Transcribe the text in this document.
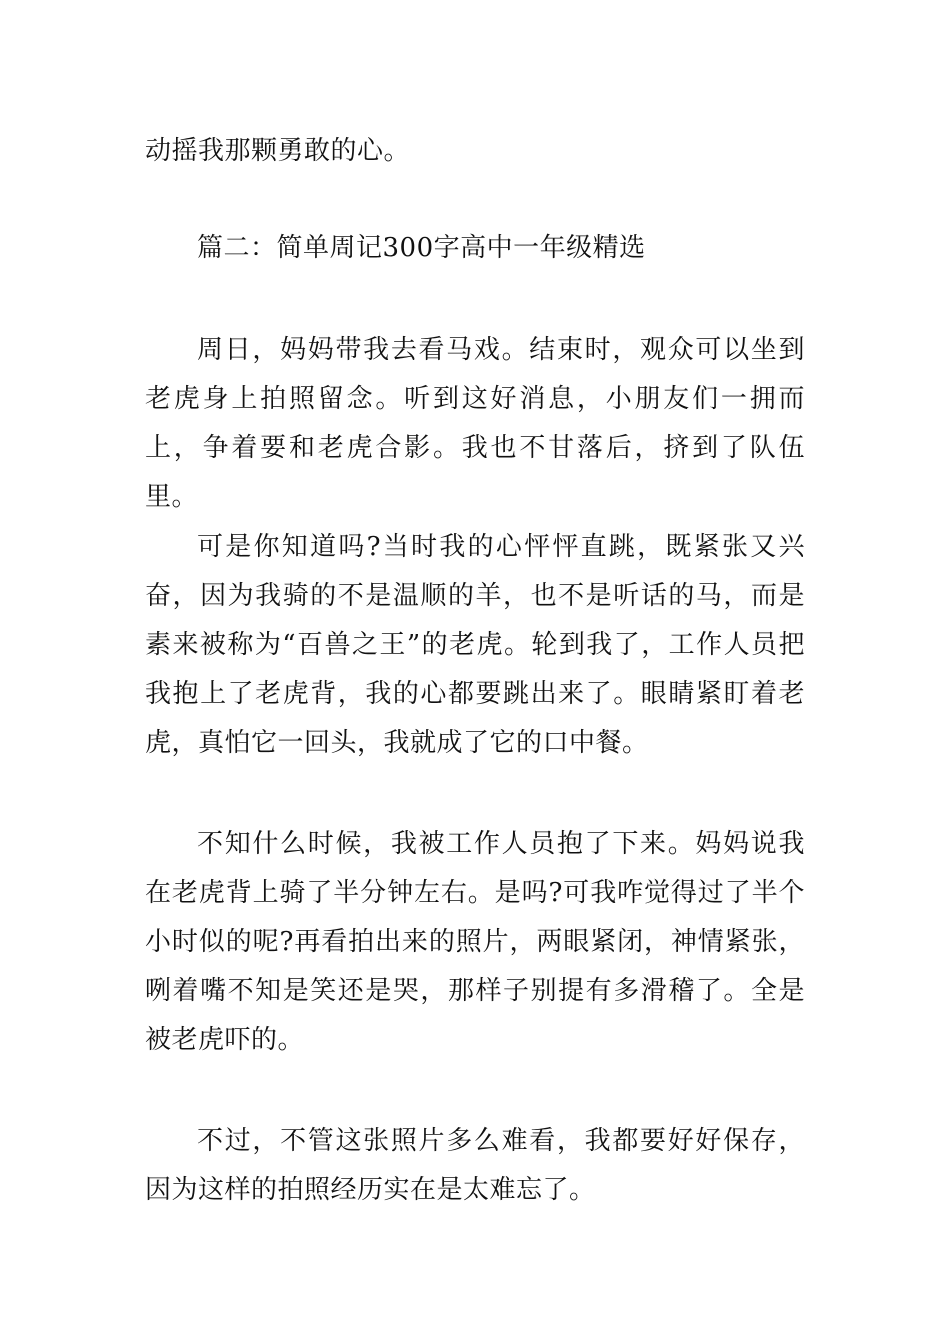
动摇我那颗勇敢的心。

篇二：简单周记300字高中一年级精选

周日，妈妈带我去看马戏。结束时，观众可以坐到老虎身上拍照留念。听到这好消息，小朋友们一拥而上，争着要和老虎合影。我也不甘落后，挤到了队伍里。

可是你知道吗?当时我的心怦怦直跳，既紧张又兴奋，因为我骑的不是温顺的羊，也不是听话的马，而是素来被称为“百兽之王”的老虎。轮到我了，工作人员把我抱上了老虎背，我的心都要跳出来了。眼睛紧盯着老虎，真怕它一回头，我就成了它的口中餐。

不知什么时候，我被工作人员抱了下来。妈妈说我在老虎背上骑了半分钟左右。是吗?可我咋觉得过了半个小时似的呢?再看拍出来的照片，两眼紧闭，神情紧张，咧着嘴不知是笑还是哭，那样子别提有多滑稽了。全是被老虎吓的。

不过，不管这张照片多么难看，我都要好好保存，因为这样的拍照经历实在是太难忘了。
